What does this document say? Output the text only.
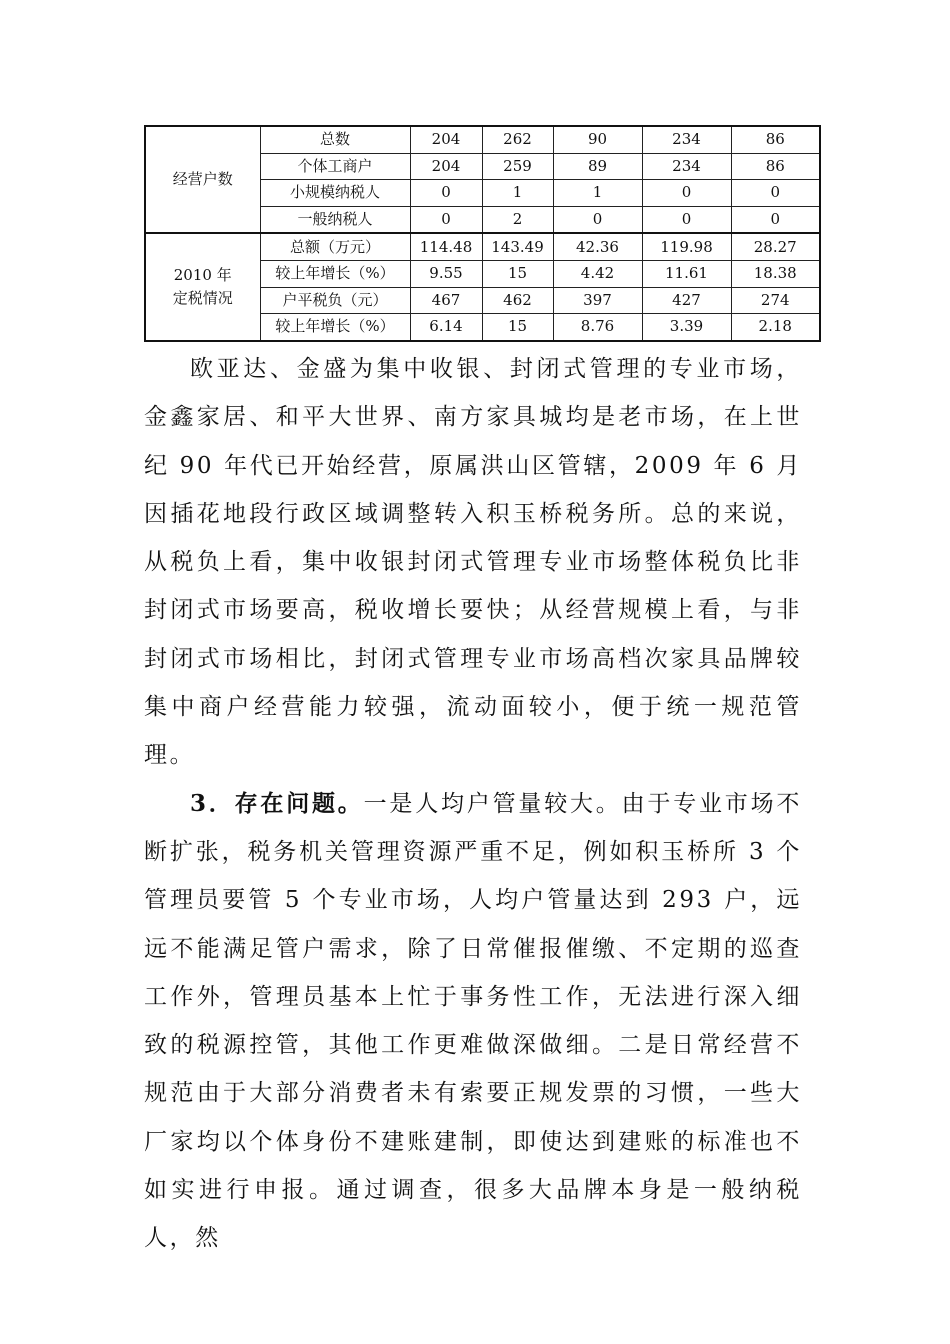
经营户数	总数	204	262	90	234	86
	个体工商户	204	259	89	234	86
	小规模纳税人	0	1	1	0	0
	一般纳税人	0	2	0	0	0

2010 年
定税情况	总额（万元）	114.48	143.49	42.36	119.98	28.27
	较上年增长（%）	9.55	15	4.42	11.61	18.38
	户平税负（元）	467	462	397	427	274
	较上年增长（%）	6.14	15	8.76	3.39	2.18

欧亚达、金盛为集中收银、封闭式管理的专业市场，金鑫家居、和平大世界、南方家具城均是老市场，在上世纪 90 年代已开始经营，原属洪山区管辖，2009 年 6 月因插花地段行政区域调整转入积玉桥税务所。总的来说，从税负上看，集中收银封闭式管理专业市场整体税负比非封闭式市场要高，税收增长要快；从经营规模上看，与非封闭式市场相比，封闭式管理专业市场高档次家具品牌较集中商户经营能力较强，流动面较小，便于统一规范管理。

3．存在问题。一是人均户管量较大。由于专业市场不断扩张，税务机关管理资源严重不足，例如积玉桥所 3 个管理员要管 5 个专业市场，人均户管量达到 293 户，远远不能满足管户需求，除了日常催报催缴、不定期的巡查工作外，管理员基本上忙于事务性工作，无法进行深入细致的税源控管，其他工作更难做深做细。二是日常经营不规范由于大部分消费者未有索要正规发票的习惯，一些大厂家均以个体身份不建账建制，即使达到建账的标准也不如实进行申报。通过调查，很多大品牌本身是一般纳税人，然
